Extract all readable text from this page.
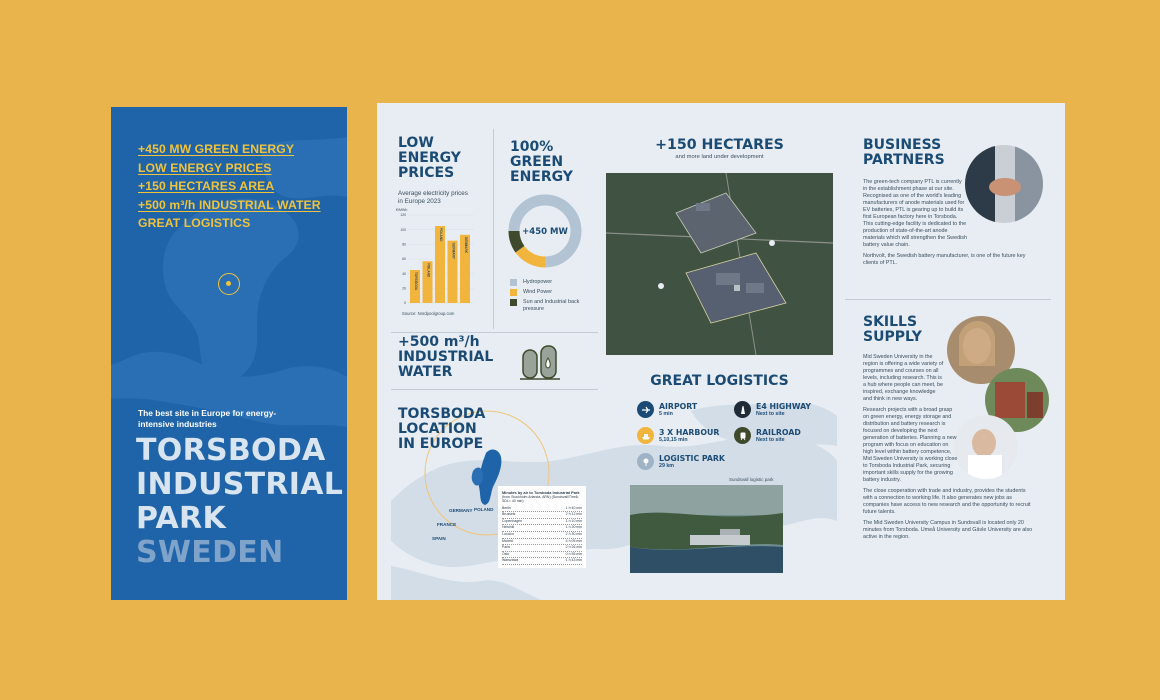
+450 MW GREEN ENERGY
LOW ENERGY PRICES
+150 HECTARES AREA
+500 m³/h INDUSTRIAL WATER
GREAT LOGISTICS
The best site in Europe for energy-intensive industries
TORSBODA
INDUSTRIAL
PARK
SWEDEN
LOW
ENERGY
PRICES
Average electricity prices in Europe 2023
€/MWh
0
20
40
60
80
100
120
TORSBODA
FINLAND
POLAND
GERMANY	DENMARK
Source: Nordpoolgroup.com
100%
GREEN
ENERGY
+450 MW
Hydropower
Wind Power
Sun and Industrial back pressure
+500 m³/h
INDUSTRIAL
WATER
TORSBODA
LOCATION
IN EUROPE
GERMANY POLAND
FRANCE
SPAIN
Minutes by air to Torsboda Industrial Park
(from Stockholm Arlanda, ARN) (Sundsvall/Timrå, SDL= 40 min)
Berlin	1 h 40 min
Brussels	2 h 12 min
Copenhagen	1 h 10 min
Helsinki	1 h 20 min
London	2 h 30 min
Madrid	4 h 05 min
Paris	2 h 26 min
Oslo	0 h 55 min
Warszawa	1 h 43 min
+150 HECTARES
and more land under development
GREAT LOGISTICS
AIRPORT
5 min
E4 HIGHWAY
Next to site
3 X HARBOUR
5,10,15 min
RAILROAD
Next to site
LOGISTIC PARK
29 km
Sundsvall logistic park
BUSINESS
PARTNERS
The green-tech company PTL is currently in the establishment phase at our site. Recognised as one of the world's leading manufacturers of anode materials used for EV batteries, PTL is gearing up to build its first European factory here in Torsboda. This cutting-edge facility is dedicated to the production of state-of-the-art anode materials which will strengthen the Swedish battery value chain.
Northvolt, the Swedish battery manufacturer, is one of the future key clients of PTL.
SKILLS
SUPPLY
Mid Sweden University in the region is offering a wide variety of programmes and courses on all levels, including research. This is a hub where people can meet, be inspired, exchange knowledge and think in new ways.
Research projects with a broad grasp on green energy, energy storage and distribution and battery research is focused on developing the next generation of batteries. Planning a new program with focus on education on high level within battery competence, Mid Sweden University is working close to Torsboda Industrial Park, securing important skills supply for the growing battery industry.
The close cooperation with trade and industry, provides the students with a connection to working life. It also generates new jobs as companies have access to new research and the opportunity to recruit future talents.
The Mid Sweden University Campus in Sundsvall is located only 20 minutes from Torsboda. Umeå University and Gävle University are also active in the region.
